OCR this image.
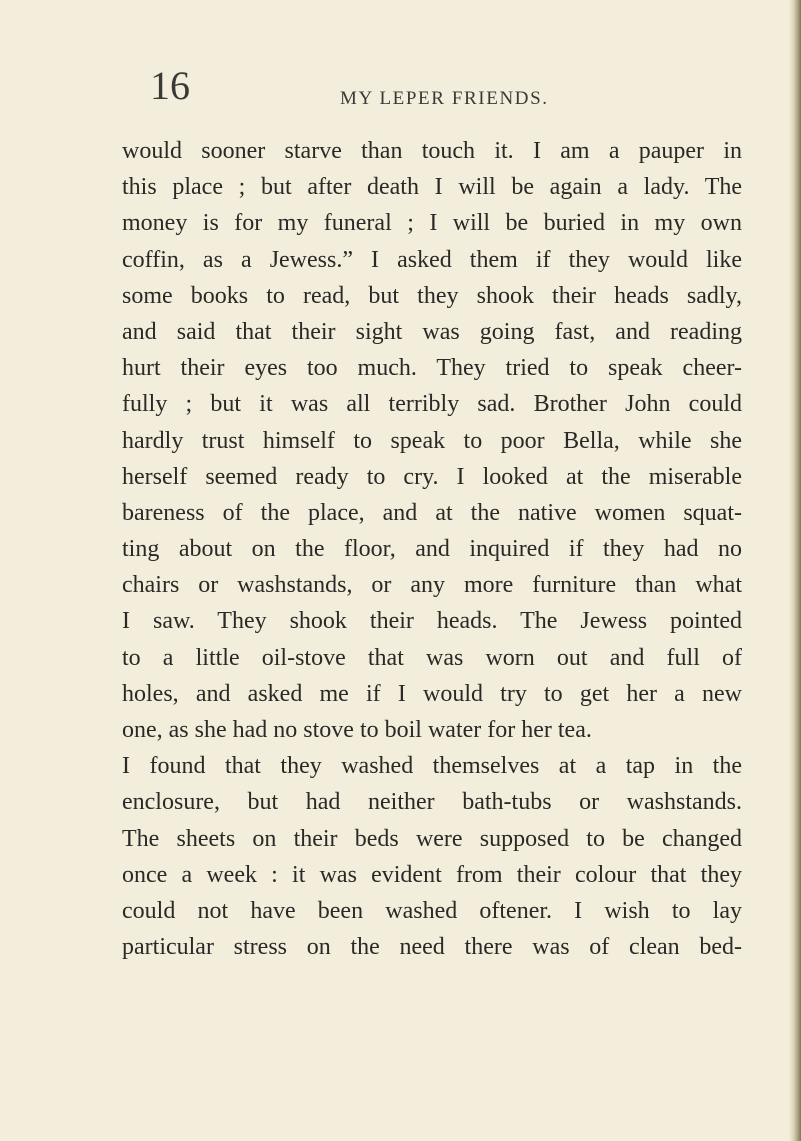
16	MY LEPER FRIENDS.
would sooner starve than touch it. I am a pauper in
this place ; but after death I will be again a lady. The
money is for my funeral ; I will be buried in my own
coffin, as a Jewess.” I asked them if they would like
some books to read, but they shook their heads sadly,
and said that their sight was going fast, and reading
hurt their eyes too much. They tried to speak cheer-
fully ; but it was all terribly sad. Brother John could
hardly trust himself to speak to poor Bella, while she
herself seemed ready to cry. I looked at the miserable
bareness of the place, and at the native women squat-
ting about on the floor, and inquired if they had no
chairs or washstands, or any more furniture than what
I saw. They shook their heads. The Jewess pointed
to a little oil-stove that was worn out and full of
holes, and asked me if I would try to get her a new
one, as she had no stove to boil water for her tea.
I found that they washed themselves at a tap in the
enclosure, but had neither bath-tubs or washstands.
The sheets on their beds were supposed to be changed
once a week : it was evident from their colour that they
could not have been washed oftener. I wish to lay
particular stress on the need there was of clean bed-
